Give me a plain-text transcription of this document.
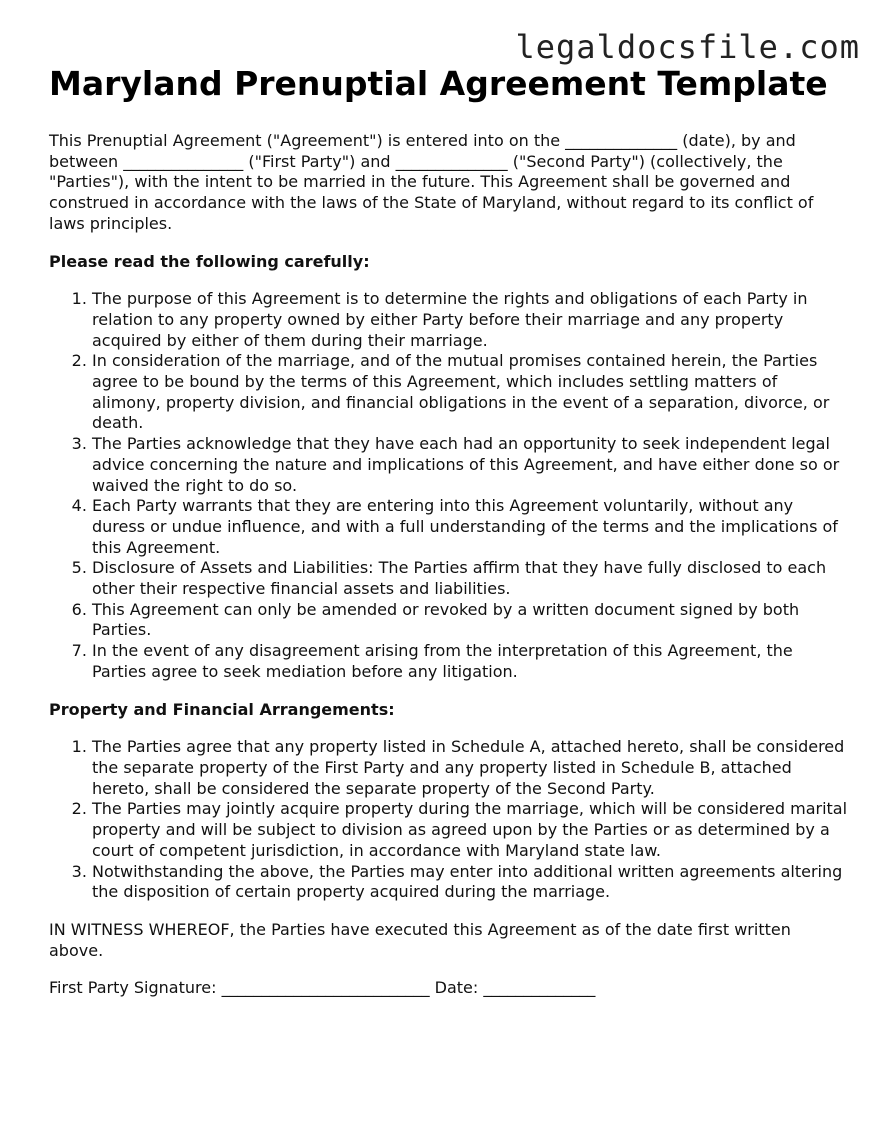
legaldocsfile.com
Maryland Prenuptial Agreement Template

This Prenuptial Agreement ("Agreement") is entered into on the ______________ (date), by and between _______________ ("First Party") and ______________ ("Second Party") (collectively, the "Parties"), with the intent to be married in the future. This Agreement shall be governed and construed in accordance with the laws of the State of Maryland, without regard to its conflict of laws principles.

Please read the following carefully:
1. The purpose of this Agreement is to determine the rights and obligations of each Party in relation to any property owned by either Party before their marriage and any property acquired by either of them during their marriage.
2. In consideration of the marriage, and of the mutual promises contained herein, the Parties agree to be bound by the terms of this Agreement, which includes settling matters of alimony, property division, and financial obligations in the event of a separation, divorce, or death.
3. The Parties acknowledge that they have each had an opportunity to seek independent legal advice concerning the nature and implications of this Agreement, and have either done so or waived the right to do so.
4. Each Party warrants that they are entering into this Agreement voluntarily, without any duress or undue influence, and with a full understanding of the terms and the implications of this Agreement.
5. Disclosure of Assets and Liabilities: The Parties affirm that they have fully disclosed to each other their respective financial assets and liabilities.
6. This Agreement can only be amended or revoked by a written document signed by both Parties.
7. In the event of any disagreement arising from the interpretation of this Agreement, the Parties agree to seek mediation before any litigation.
Property and Financial Arrangements:
1. The Parties agree that any property listed in Schedule A, attached hereto, shall be considered the separate property of the First Party and any property listed in Schedule B, attached hereto, shall be considered the separate property of the Second Party.
2. The Parties may jointly acquire property during the marriage, which will be considered marital property and will be subject to division as agreed upon by the Parties or as determined by a court of competent jurisdiction, in accordance with Maryland state law.
3. Notwithstanding the above, the Parties may enter into additional written agreements altering the disposition of certain property acquired during the marriage.

IN WITNESS WHEREOF, the Parties have executed this Agreement as of the date first written above.

First Party Signature: __________________________ Date: ______________
